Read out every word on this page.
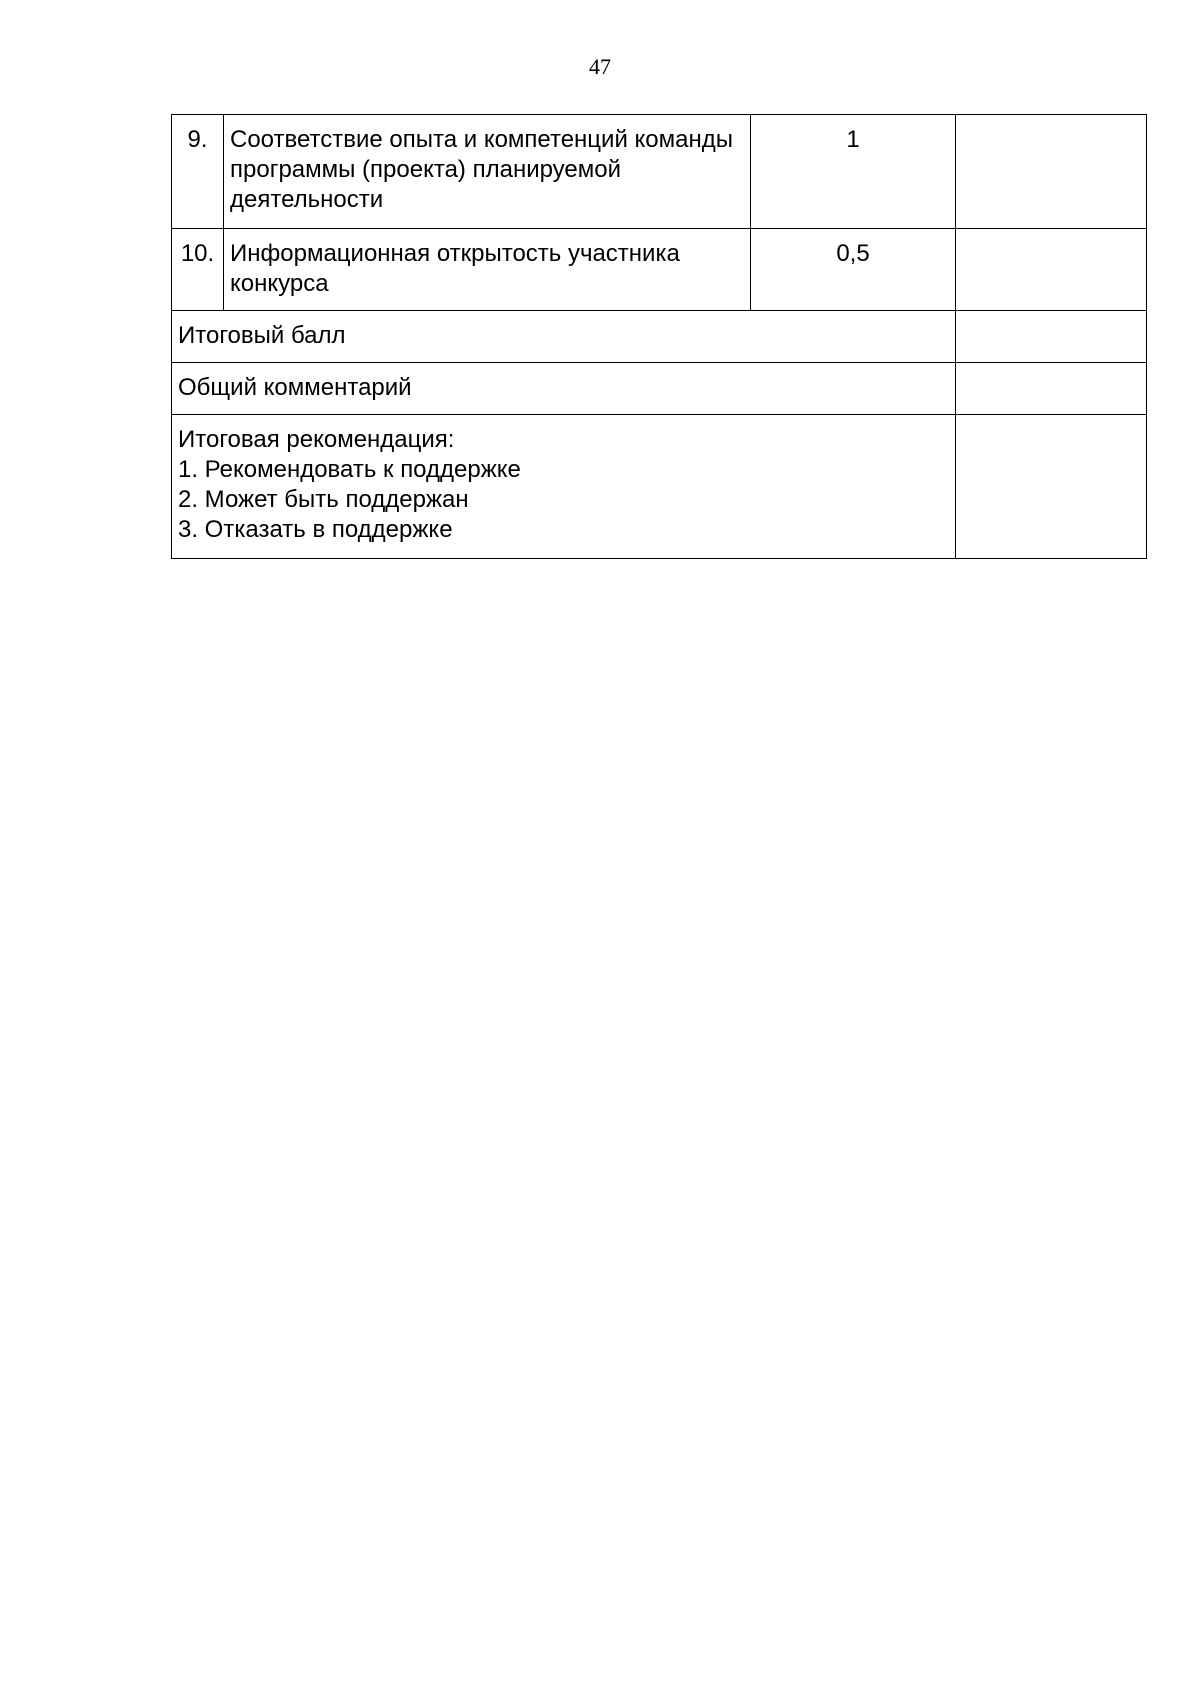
47
9.	Соответствие опыта и компетенций команды программы (проекта) планируемой деятельности	1	
10.	Информационная открытость участника конкурса	0,5	
Итоговый балл			
Общий комментарий			

Итоговая рекомендация:
1. Рекомендовать к поддержке
2. Может быть поддержан
3. Отказать в поддержке			
